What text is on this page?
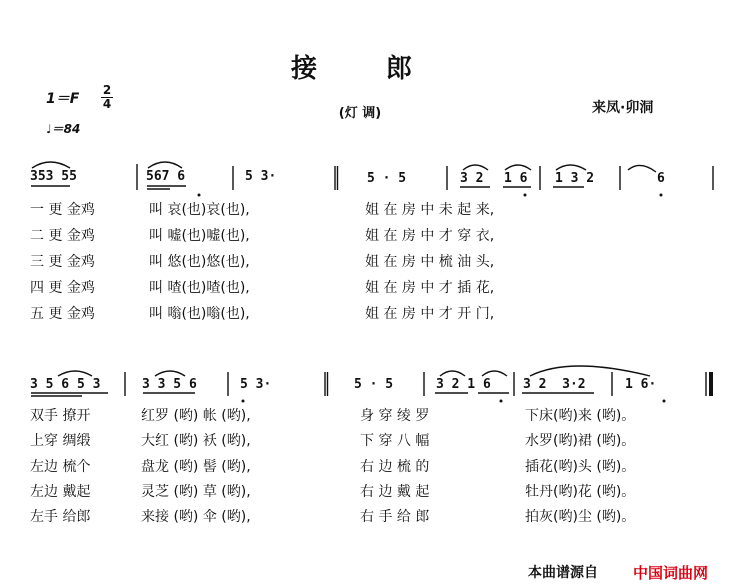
接 郎
(灯 调)	来凤·卯洞
1＝F
2
4
♩＝84
353 55	567 6	5 3·	5 · 5	3 2 1 6 1 3 2	6
一 更 金鸡	叫 哀(也)哀(也),	姐 在 房 中 未 起 来,
二 更 金鸡	叫 嘘(也)嘘(也),	姐 在 房 中 才 穿 衣,
三 更 金鸡	叫 悠(也)悠(也),	姐 在 房 中 梳 油 头,
四 更 金鸡	叫 喳(也)喳(也),	姐 在 房 中 才 插 花,
五 更 金鸡	叫 嗡(也)嗡(也),	姐 在 房 中 才 开 门,
3 5 6 5 3	3 3 5 6	5 3·	5 · 5	3 2 1 6 3 2  3·2	1 6·
双手 撩开	红罗 (哟) 帐 (哟),	身 穿 绫 罗	下床(哟)来 (哟)。
上穿 绸缎	大红 (哟) 袄 (哟),	下 穿 八 幅	水罗(哟)裙 (哟)。
左边 梳个	盘龙 (哟) 髻 (哟),	右 边 梳 的	插花(哟)头 (哟)。
左边 戴起	灵芝 (哟) 草 (哟),	右 边 戴 起	牡丹(哟)花 (哟)。
左手 给郎	来接 (哟) 伞 (哟),	右 手 给 郎	拍灰(哟)尘 (哟)。
本曲谱源自 中国词曲网
